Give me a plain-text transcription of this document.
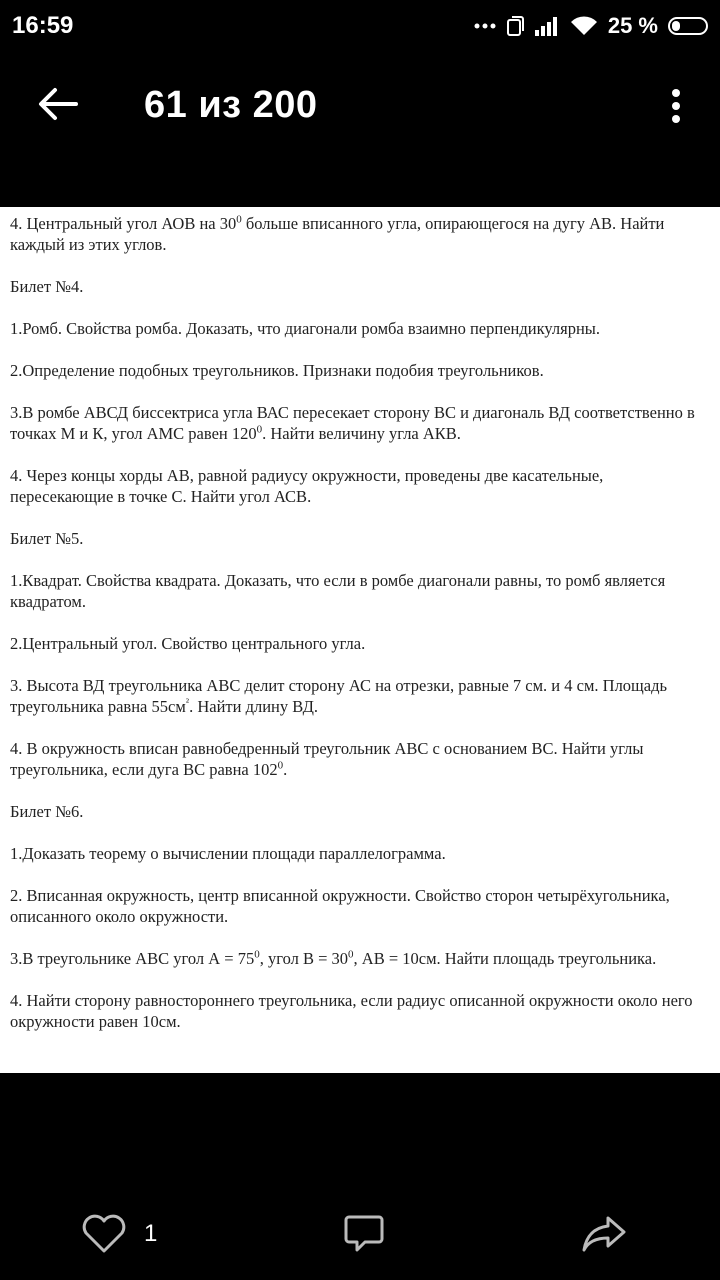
16:59	25 %
61 из 200

4. Центральный угол АОВ на $30^0$ больше вписанного угла, опирающегося на дугу АВ. Найти каждый из этих углов.

Билет №4.

1.Ромб. Свойства ромба. Доказать, что диагонали ромба взаимно перпендикулярны.

2.Определение подобных треугольников. Признаки подобия треугольников.

3.В ромбе АВСД биссектриса угла ВАС пересекает сторону ВС и диагональ ВД соответственно в точках М и К, угол АМС равен $120^0$. Найти величину угла АКВ.

4. Через концы хорды АВ, равной радиусу окружности, проведены две касательные, пересекающие в точке С. Найти угол АСВ.

Билет №5.

1.Квадрат. Свойства квадрата. Доказать, что если в ромбе диагонали равны, то ромб является квадратом.

2.Центральный угол. Свойство центрального угла.

3. Высота ВД треугольника АВС делит сторону АС на отрезки, равные 7 см. и 4 см. Площадь треугольника равна $55см^{^2}$. Найти длину ВД.

4. В окружность вписан равнобедренный треугольник АВС с основанием ВС. Найти углы треугольника, если дуга ВС равна $102^0$.

Билет №6.

1.Доказать теорему о вычислении площади параллелограмма.

2. Вписанная окружность, центр вписанной окружности. Свойство сторон четырёхугольника, описанного около окружности.

3.В треугольнике АВС угол $А = 75^0$, угол $В = 30^0$, АВ = 10см. Найти площадь треугольника.

4. Найти сторону равностороннего треугольника, если радиус описанной окружности около него окружности равен 10см.

1
